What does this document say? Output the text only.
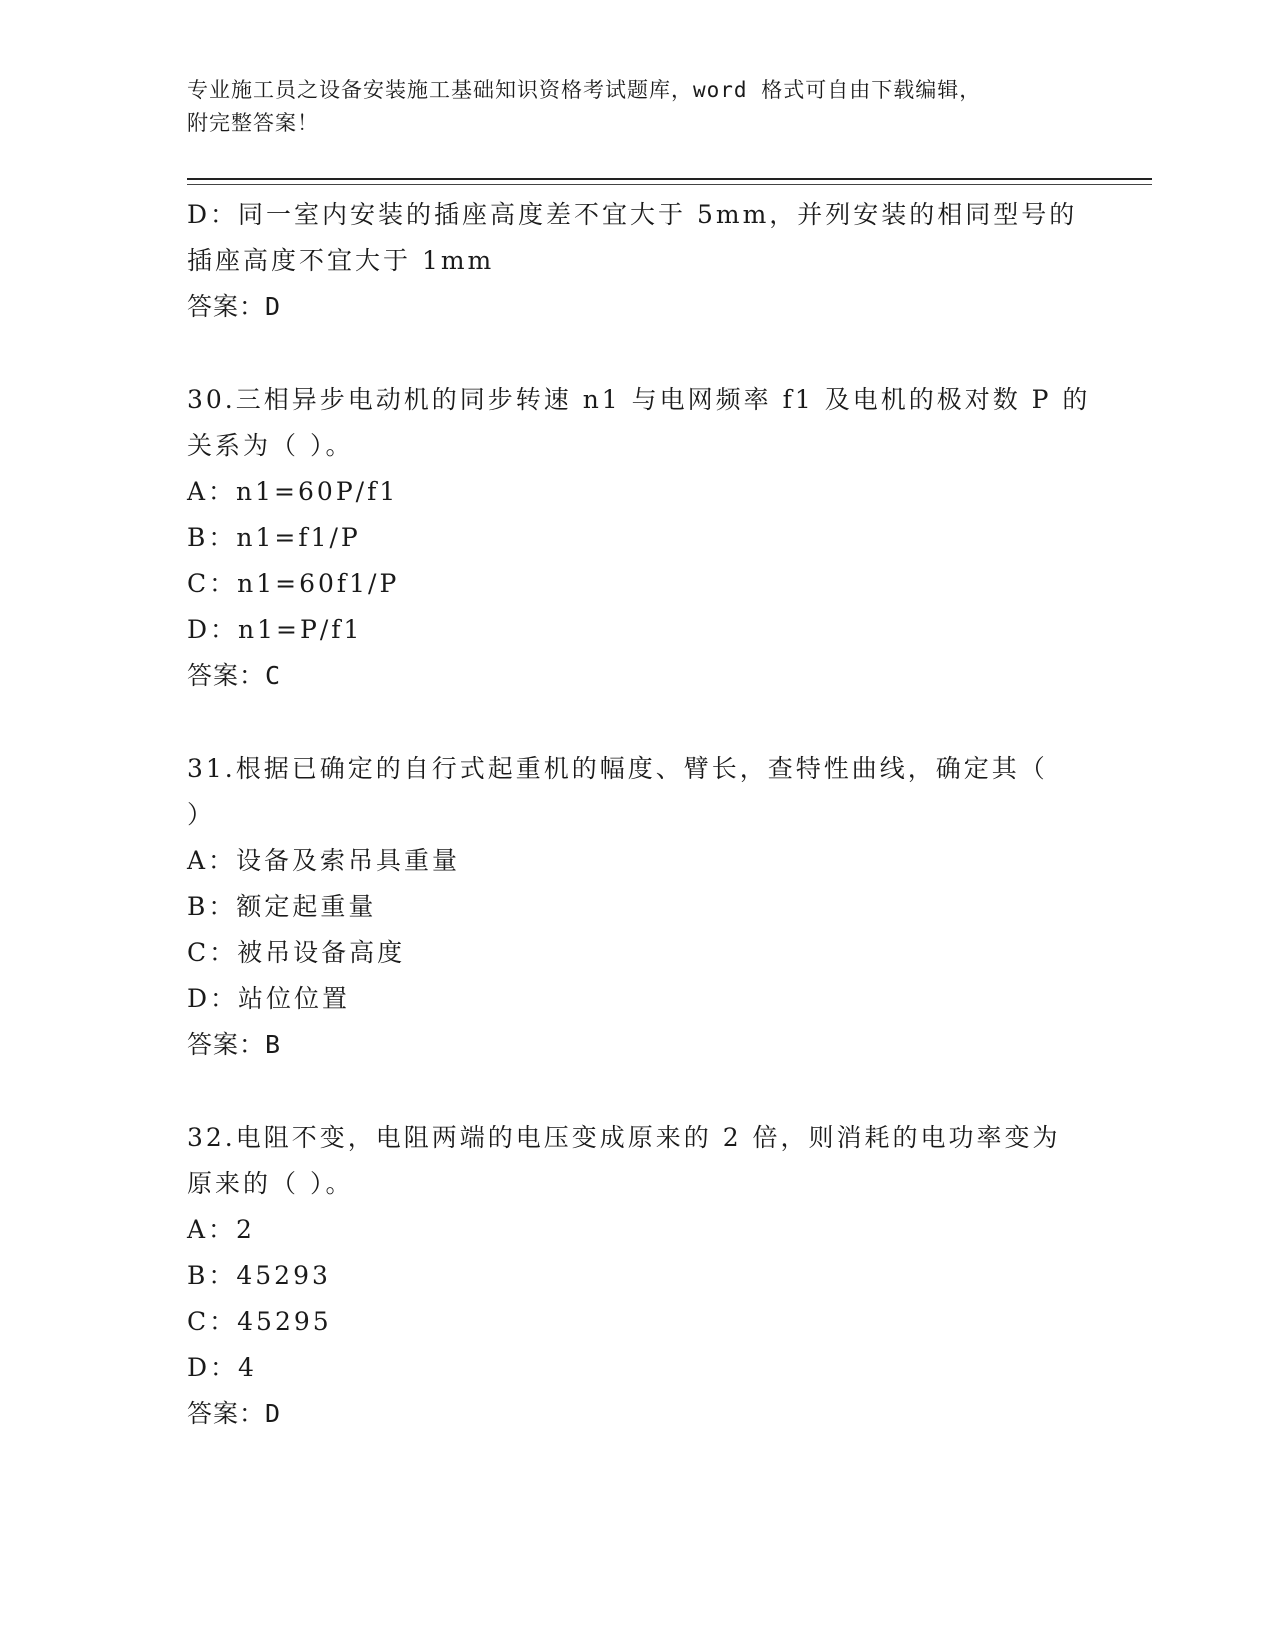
专业施工员之设备安装施工基础知识资格考试题库，word 格式可自由下载编辑，
附完整答案！
D：同一室内安装的插座高度差不宜大于 5mm，并列安装的相同型号的
插座高度不宜大于 1mm
答案：D
30.三相异步电动机的同步转速 n1 与电网频率 f1 及电机的极对数 P 的
关系为（ ）。
A：n1=60P/f1
B：n1=f1/P
C：n1=60f1/P
D：n1=P/f1
答案：C
31.根据已确定的自行式起重机的幅度、臂长，查特性曲线，确定其（
）
A：设备及索吊具重量
B：额定起重量
C：被吊设备高度
D：站位位置
答案：B
32.电阻不变，电阻两端的电压变成原来的 2 倍，则消耗的电功率变为
原来的（ ）。
A：2
B：45293
C：45295
D：4
答案：D
